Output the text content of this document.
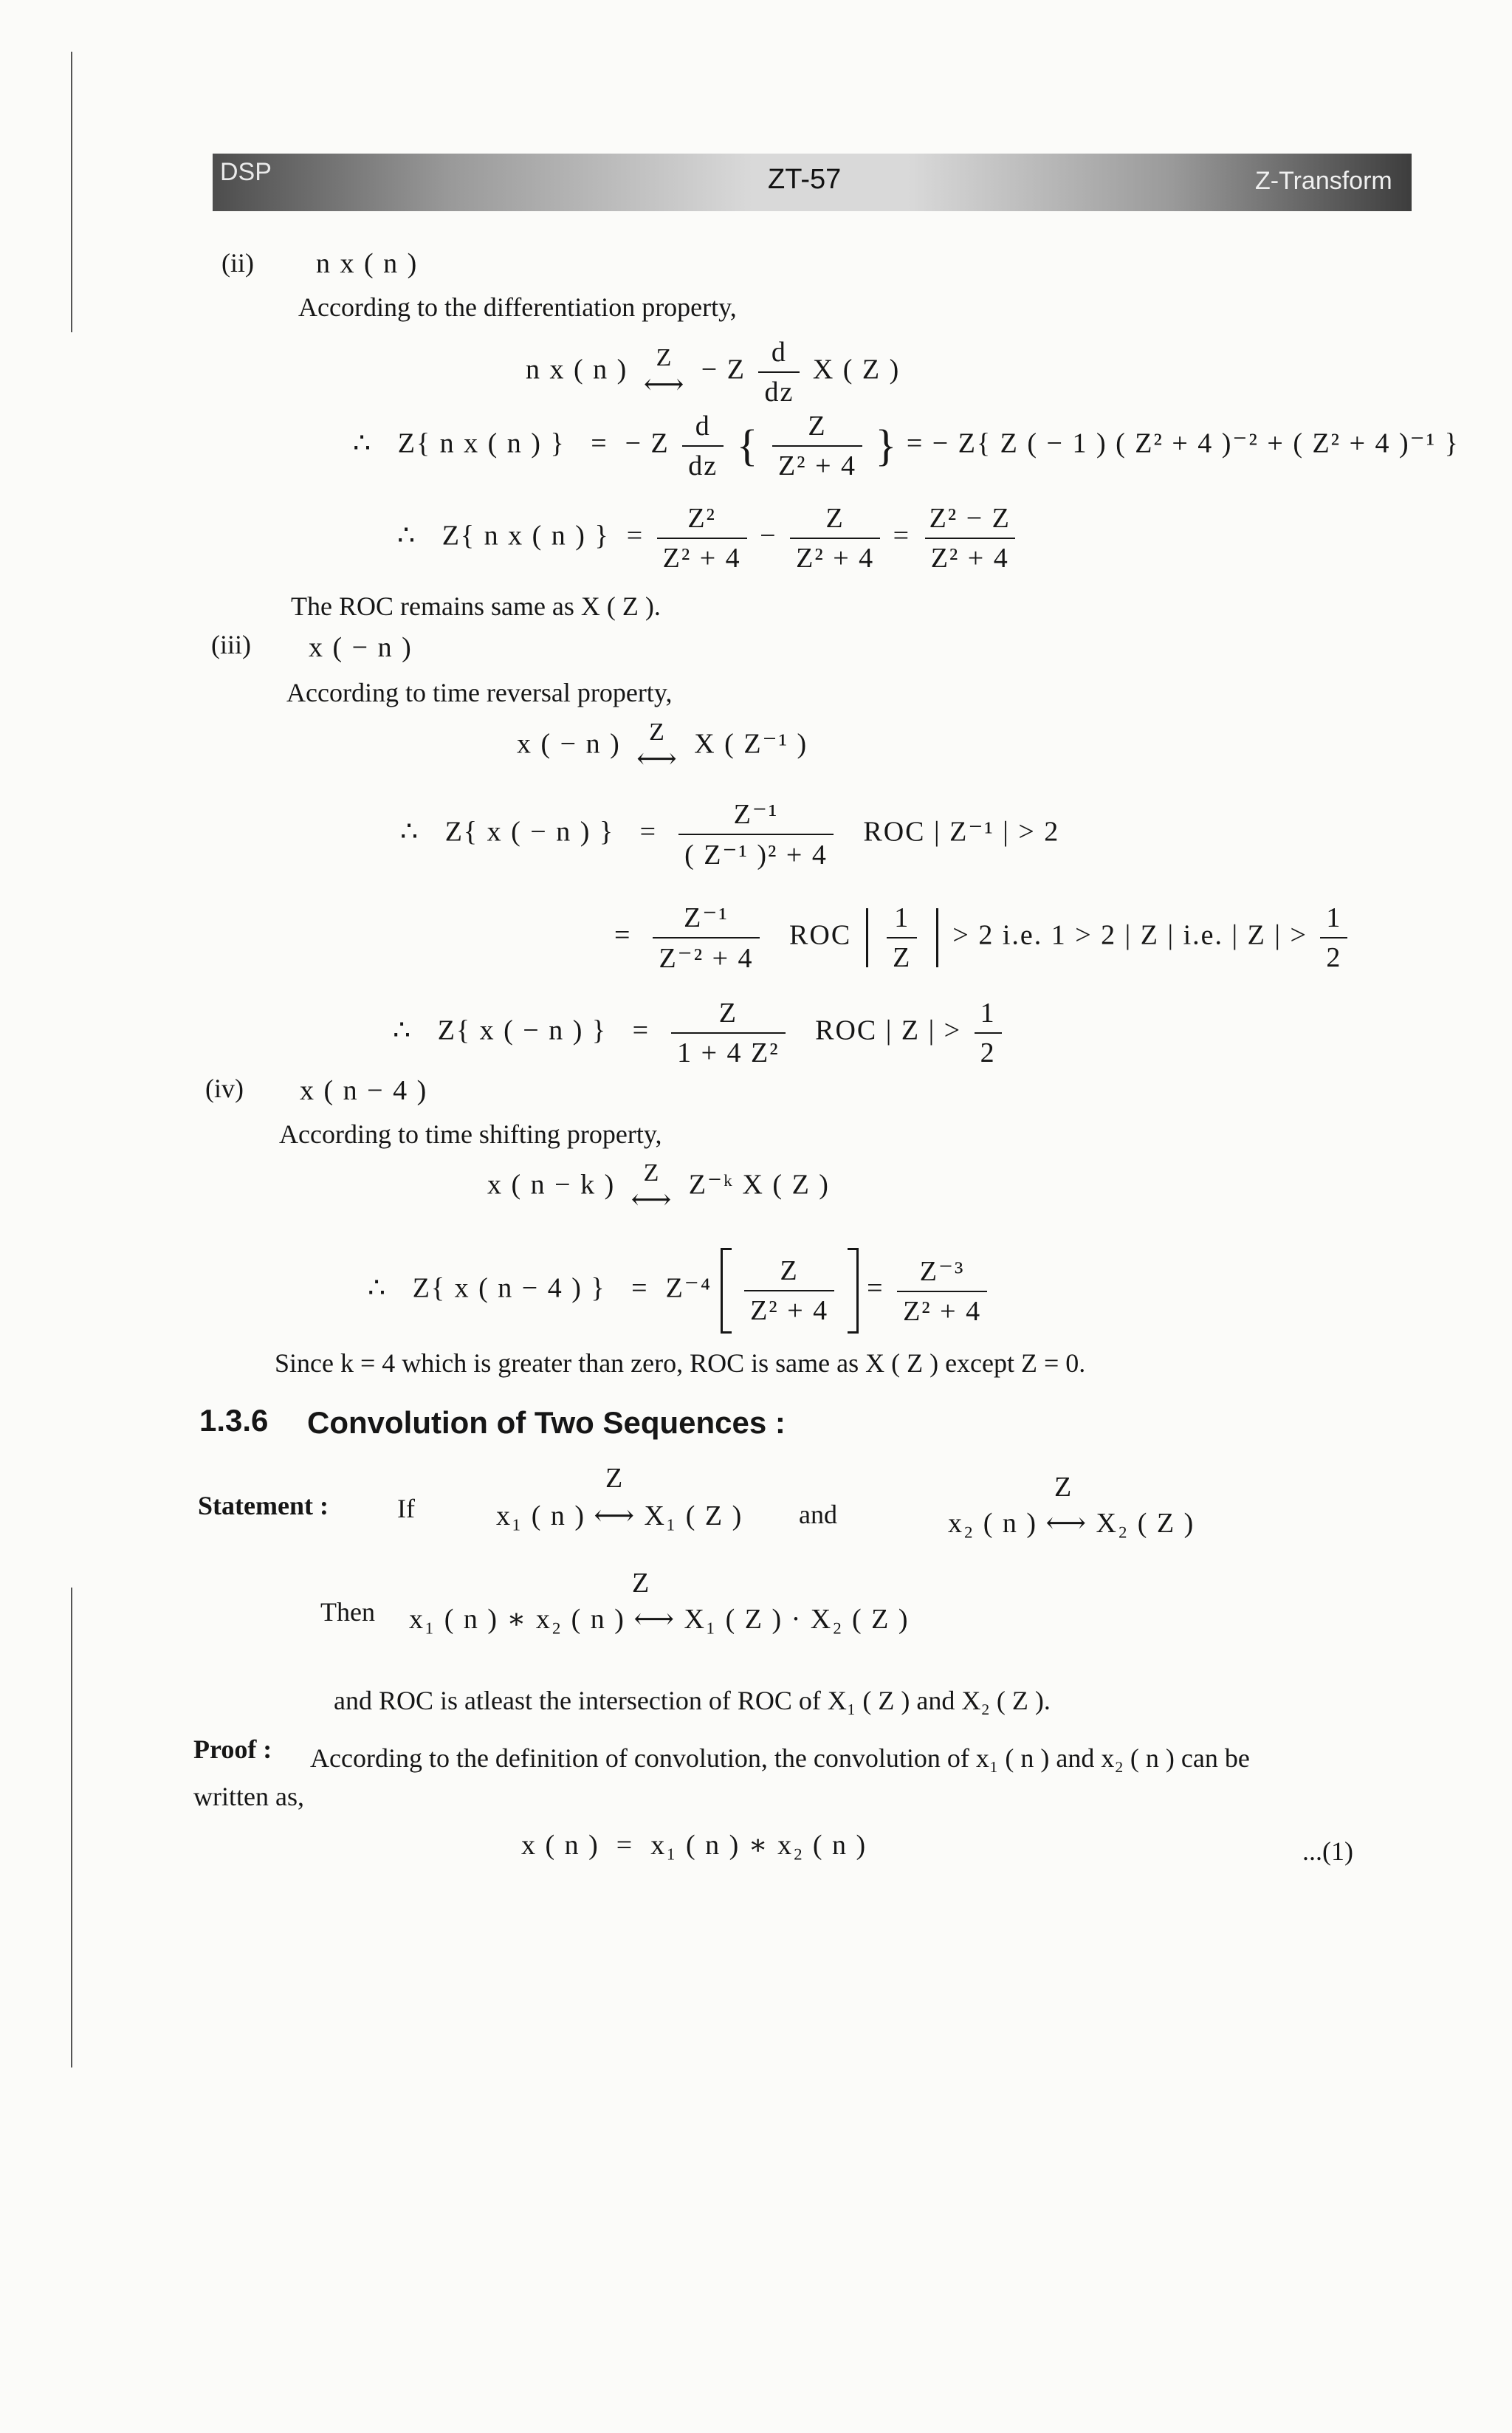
DSP	ZT-57	Z-Transform
(ii) n x ( n )
According to the differentiation property,
n x ( n ) Z
⟷ − Z $\frac{d}{dz}$ X ( Z )
∴ Z{ n x ( n ) } = − Z $\frac{d}{dz}$ { $\frac{Z}{\text{Z² + 4}}$ } = − Z{ Z ( − 1 ) ( Z² + 4 )⁻² + ( Z² + 4 )⁻¹ }
∴ Z{ n x ( n ) } = $\frac{\text{Z²}}{\text{Z² + 4}} - \frac{Z}{\text{Z² + 4}} = \frac{\text{Z² − Z}}{\text{Z² + 4}}$
The ROC remains same as X ( Z ).
(iii) x ( − n )
According to time reversal property,
x ( − n ) Z
⟷ X ( Z⁻¹ )
∴ Z{ x ( − n ) } = $\frac{\text{Z⁻¹}}{\text{( Z⁻¹ )² + 4}}$ ROC | Z⁻¹ | > 2
= $\frac{\text{Z⁻¹}}{\text{Z⁻² + 4}}$ ROC $\frac{1}{Z} > 2$ i.e. 1 > 2 | Z | i.e. | Z | > $\frac{1}{2}$
∴ Z{ x ( − n ) } = $\frac{Z}{\text{1 + 4 Z²}}$ ROC | Z | > $\frac{1}{2}$
(iv) x ( n − 4 )
According to time shifting property,
x ( n − k ) Z
⟷ Z⁻ᵏ X ( Z )
∴ Z{ x ( n − 4 ) } = $Z^{-4} \frac{Z}{\text{Z² + 4}} = \frac{\text{Z⁻³}}{\text{Z² + 4}}$
Since k = 4 which is greater than zero, ROC is same as X ( Z ) except Z = 0.
1.3.6 Convolution of Two Sequences :
Statement :	If
Z
x₁ ( n ) ⟷ X₁ ( Z ) and
Z
x₂ ( n ) ⟷ X₂ ( Z )
Then
Z
x₁ ( n ) ∗ x₂ ( n ) ⟷ X₁ ( Z ) · X₂ ( Z )
and ROC is atleast the intersection of ROC of X₁ ( Z ) and X₂ ( Z ).
Proof : According to the definition of convolution, the convolution of x₁ ( n ) and x₂ ( n ) can be
written as,
x ( n )  =  x₁ ( n ) ∗ x₂ ( n )	...(1)
